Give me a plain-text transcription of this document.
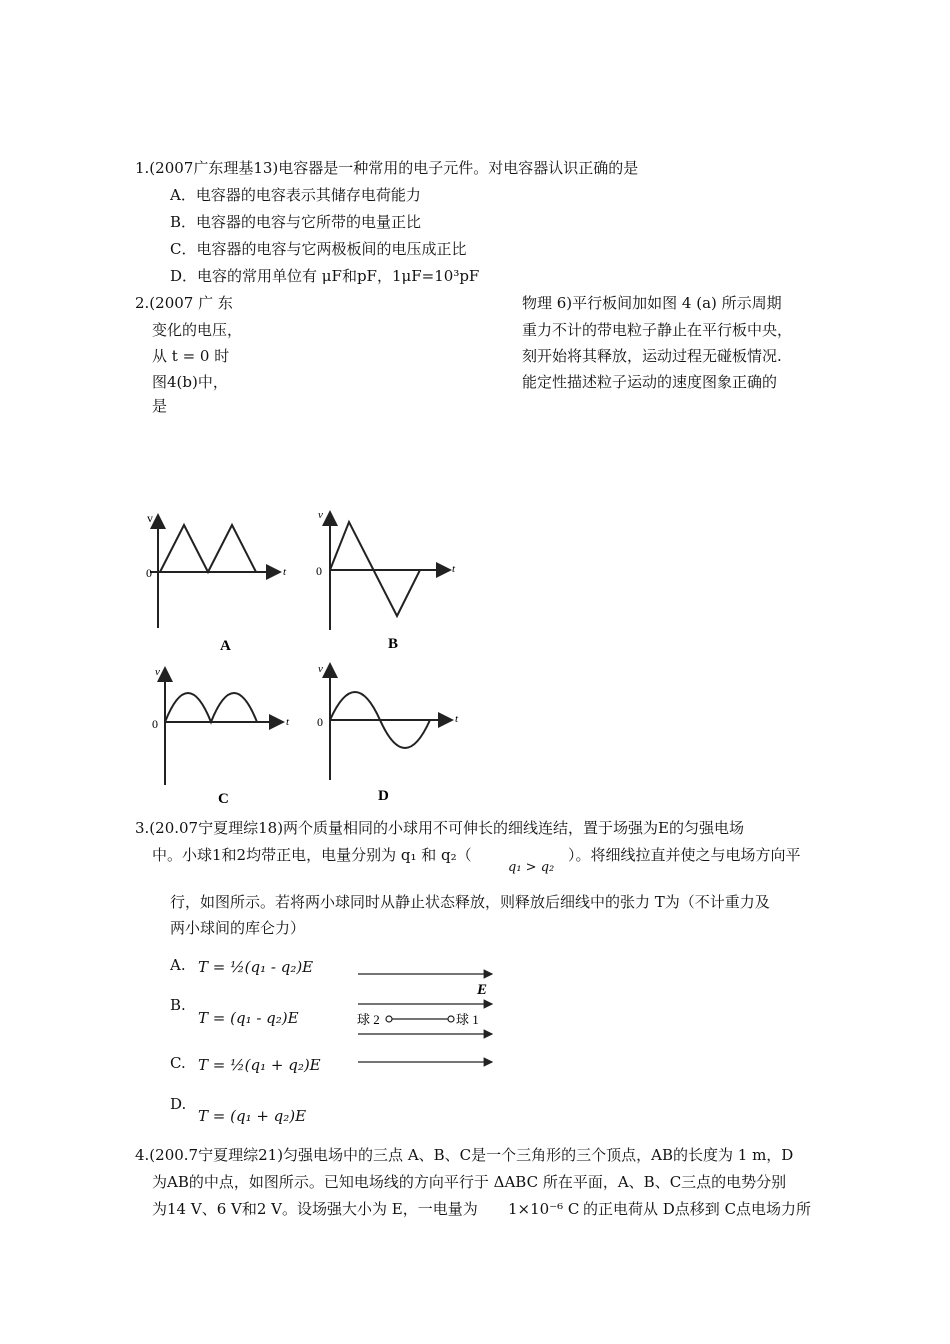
1.(2007广东理基13)电容器是一种常用的电子元件。对电容器认识正确的是
A．电容器的电容表示其储存电荷能力
B．电容器的电容与它所带的电量正比
C．电容器的电容与它两极板间的电压成正比
D．电容的常用单位有 μF和pF，1μF=10³pF
2.(2007 广 东
变化的电压，
从 t = 0 时
图4(b)中，
是
物理 6)平行板间加如图 4 (a) 所示周期
重力不计的带电粒子静止在平行板中央，
刻开始将其释放，运动过程无碰板情况.
能定性描述粒子运动的速度图象正确的
v
t
0
A
v
t
0
B
v
t
0
C
v
t
0
D
E
球 2	球 1
3.(20.07宁夏理综18)两个质量相同的小球用不可伸长的细线连结，置于场强为E的匀强电场
中。小球1和2均带正电，电量分别为 q₁ 和 q₂（
q₁ > q₂
）。将细线拉直并使之与电场方向平
行，如图所示。若将两小球同时从静止状态释放，则释放后细线中的张力 T为（不计重力及
两小球间的库仑力）
A. T = ½(q₁ - q₂)E
B.
T = (q₁ - q₂)E
C. T = ½(q₁ + q₂)E
D.
T = (q₁ + q₂)E
4.(200.7宁夏理综21)匀强电场中的三点 A、B、C是一个三角形的三个顶点，AB的长度为 1 m，D
为AB的中点，如图所示。已知电场线的方向平行于 ΔABC 所在平面，A、B、C三点的电势分别
为14 V、6 V和2 V。设场强大小为 E，一电量为 1×10⁻⁶ C 的正电荷从 D点移到 C点电场力所
